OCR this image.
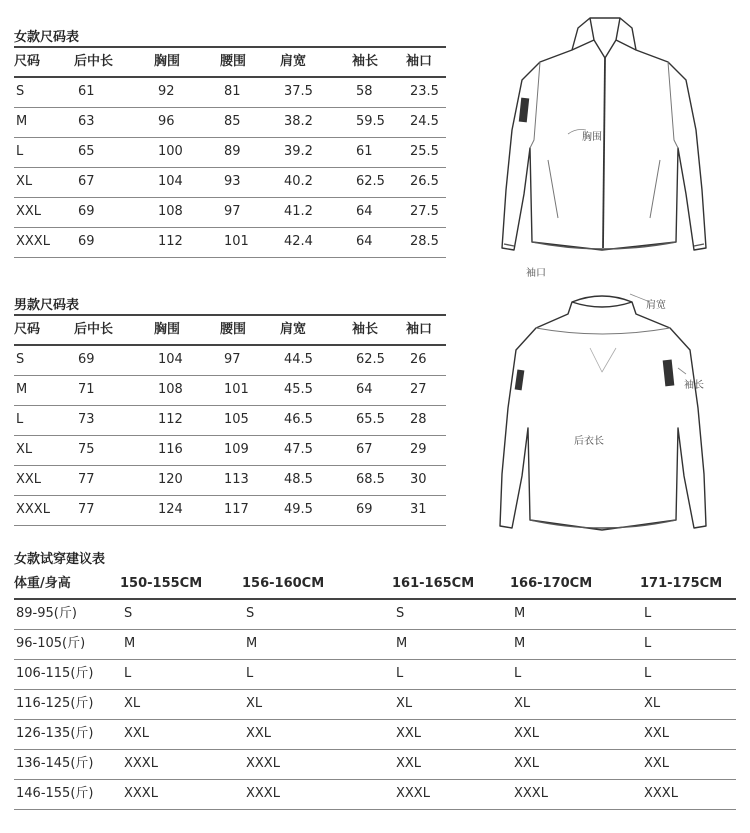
女款尺码表
尺码	后中长	胸围	腰围	肩宽	袖长 袖口
S	61	92	81	37.5	58	23.5
M	63	96	85	38.2	59.5 24.5
L	65	100	89	39.2	61	25.5
XL	67	104	93	40.2	62.5 26.5
XXL	69	108	97	41.2	64	27.5
XXXL 69	112	101	42.4	64	28.5
男款尺码表
尺码	后中长	胸围	腰围	肩宽	袖长 袖口
S	69	104	97	44.5	62.5 26
M	71	108	101	45.5	64	27
L	73	112	105	46.5	65.5 28
XL	75	116	109	47.5	67	29
XXL	77	120	113	48.5	68.5 30
XXXL 77	124	117	49.5	69	31
女款试穿建议表
体重/身高	150-155CM	156-160CM	161-165CM	166-170CM	171-175CM
89-95(斤)	S	S	S	M	L
96-105(斤)	M	M	M	M	L
106-115(斤) L	L	L	L	L
116-125(斤) XL	XL	XL	XL	XL
126-135(斤) XXL	XXL	XXL	XXL	XXL
136-145(斤) XXXL	XXXL	XXL	XXL	XXL
146-155(斤) XXXL	XXXL	XXXL	XXXL	XXXL
胸围
袖口
肩宽
袖长
后衣长
